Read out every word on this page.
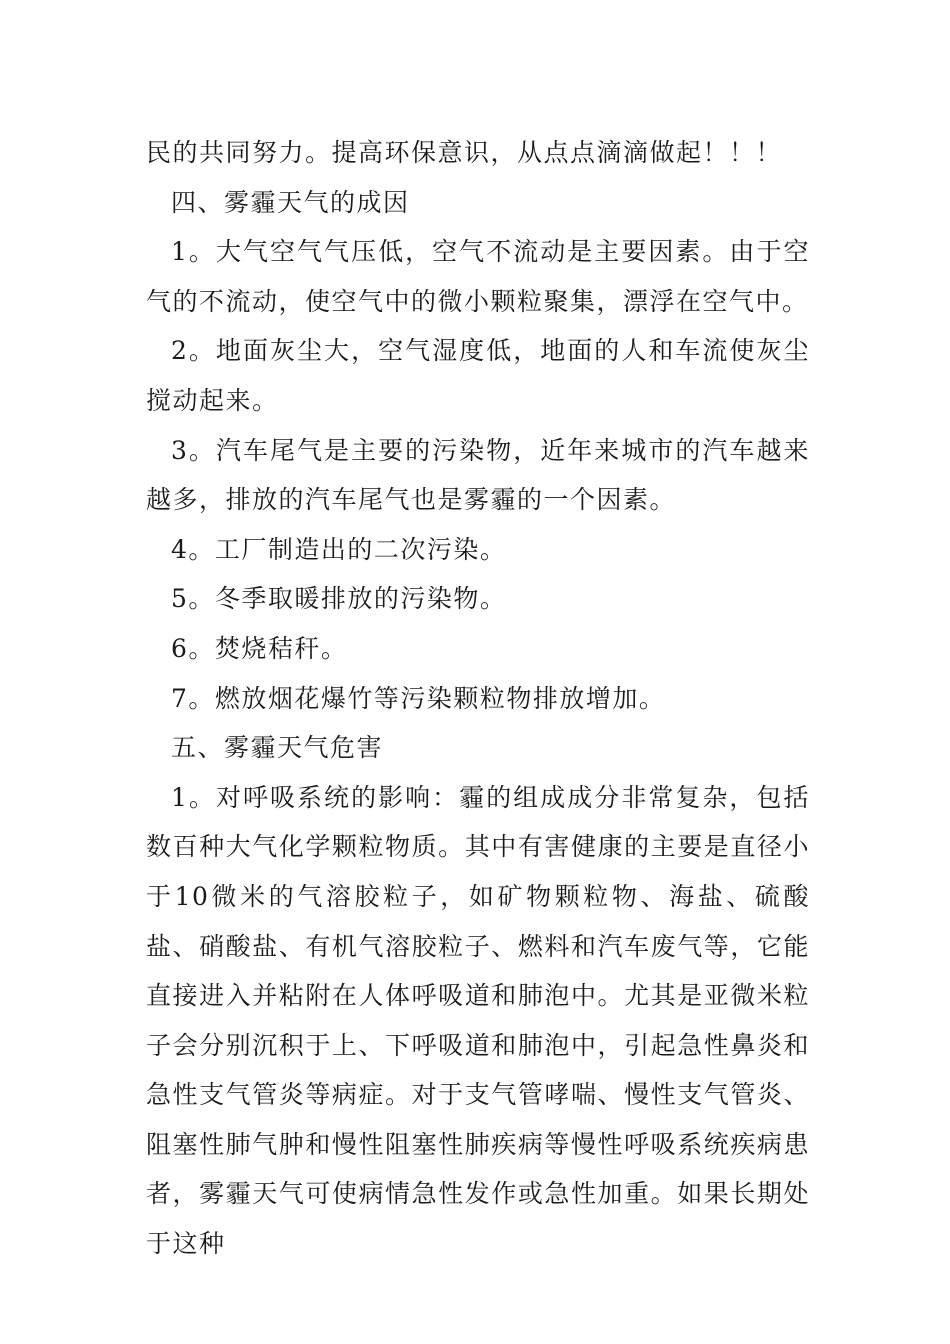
民的共同努力。提高环保意识，从点点滴滴做起！！！

四、雾霾天气的成因

1。大气空气气压低，空气不流动是主要因素。由于空气的不流动，使空气中的微小颗粒聚集，漂浮在空气中。

2。地面灰尘大，空气湿度低，地面的人和车流使灰尘搅动起来。

3。汽车尾气是主要的污染物，近年来城市的汽车越来越多，排放的汽车尾气也是雾霾的一个因素。

4。工厂制造出的二次污染。

5。冬季取暖排放的污染物。

6。焚烧秸秆。

7。燃放烟花爆竹等污染颗粒物排放增加。

五、雾霾天气危害

1。对呼吸系统的影响：霾的组成成分非常复杂，包括数百种大气化学颗粒物质。其中有害健康的主要是直径小于10微米的气溶胶粒子，如矿物颗粒物、海盐、硫酸盐、硝酸盐、有机气溶胶粒子、燃料和汽车废气等，它能直接进入并粘附在人体呼吸道和肺泡中。尤其是亚微米粒子会分别沉积于上、下呼吸道和肺泡中，引起急性鼻炎和急性支气管炎等病症。对于支气管哮喘、慢性支气管炎、阻塞性肺气肿和慢性阻塞性肺疾病等慢性呼吸系统疾病患者，雾霾天气可使病情急性发作或急性加重。如果长期处于这种
